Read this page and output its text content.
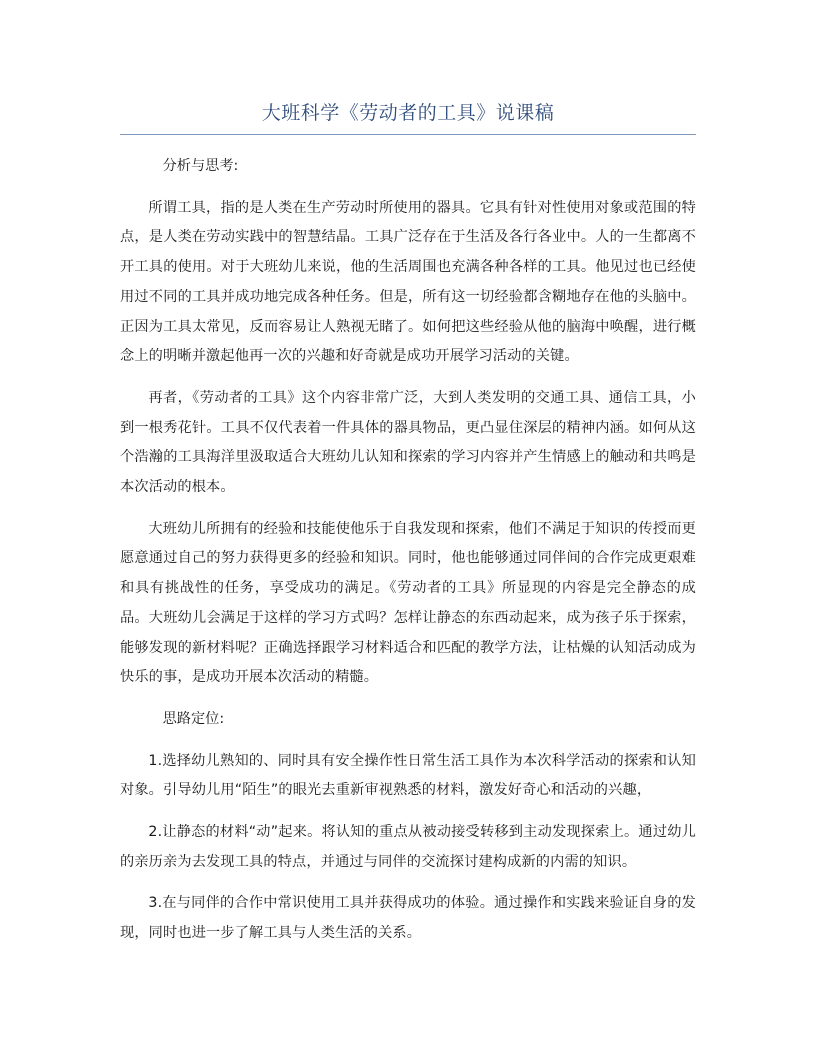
大班科学《劳动者的工具》说课稿

分析与思考:

所谓工具，指的是人类在生产劳动时所使用的器具。它具有针对性使用对象或范围的特点，是人类在劳动实践中的智慧结晶。工具广泛存在于生活及各行各业中。人的一生都离不开工具的使用。对于大班幼儿来说，他的生活周围也充满各种各样的工具。他见过也已经使用过不同的工具并成功地完成各种任务。但是，所有这一切经验都含糊地存在他的头脑中。正因为工具太常见，反而容易让人熟视无睹了。如何把这些经验从他的脑海中唤醒，进行概念上的明晰并激起他再一次的兴趣和好奇就是成功开展学习活动的关键。

再者，《劳动者的工具》这个内容非常广泛，大到人类发明的交通工具、通信工具，小到一根秀花针。工具不仅代表着一件具体的器具物品，更凸显住深层的精神内涵。如何从这个浩瀚的工具海洋里汲取适合大班幼儿认知和探索的学习内容并产生情感上的触动和共鸣是本次活动的根本。

大班幼儿所拥有的经验和技能使他乐于自我发现和探索，他们不满足于知识的传授而更愿意通过自己的努力获得更多的经验和知识。同时，他也能够通过同伴间的合作完成更艰难和具有挑战性的任务，享受成功的满足。《劳动者的工具》所显现的内容是完全静态的成品。大班幼儿会满足于这样的学习方式吗？怎样让静态的东西动起来，成为孩子乐于探索，能够发现的新材料呢？正确选择跟学习材料适合和匹配的教学方法，让枯燥的认知活动成为快乐的事，是成功开展本次活动的精髓。

思路定位:

1.选择幼儿熟知的、同时具有安全操作性日常生活工具作为本次科学活动的探索和认知对象。引导幼儿用“陌生”的眼光去重新审视熟悉的材料，激发好奇心和活动的兴趣，

2.让静态的材料“动”起来。将认知的重点从被动接受转移到主动发现探索上。通过幼儿的亲历亲为去发现工具的特点，并通过与同伴的交流探讨建构成新的内需的知识。

3.在与同伴的合作中常识使用工具并获得成功的体验。通过操作和实践来验证自身的发现，同时也进一步了解工具与人类生活的关系。
